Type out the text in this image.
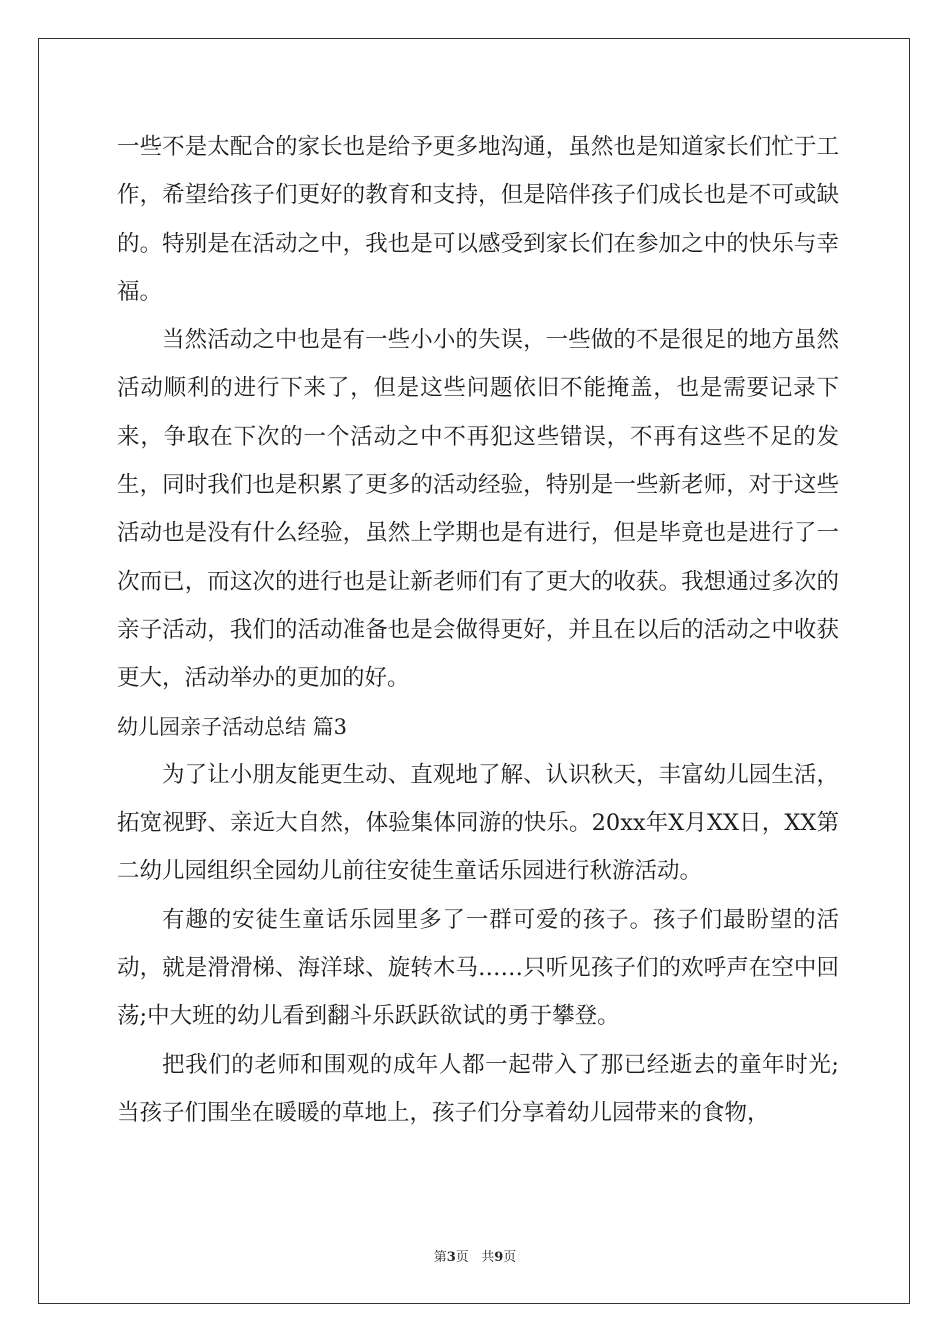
一些不是太配合的家长也是给予更多地沟通，虽然也是知道家长们忙于工作，希望给孩子们更好的教育和支持，但是陪伴孩子们成长也是不可或缺的。特别是在活动之中，我也是可以感受到家长们在参加之中的快乐与幸福。

当然活动之中也是有一些小小的失误，一些做的不是很足的地方虽然活动顺利的进行下来了，但是这些问题依旧不能掩盖，也是需要记录下来，争取在下次的一个活动之中不再犯这些错误，不再有这些不足的发生，同时我们也是积累了更多的活动经验，特别是一些新老师，对于这些活动也是没有什么经验，虽然上学期也是有进行，但是毕竟也是进行了一次而已，而这次的进行也是让新老师们有了更大的收获。我想通过多次的亲子活动，我们的活动准备也是会做得更好，并且在以后的活动之中收获更大，活动举办的更加的好。

幼儿园亲子活动总结 篇3

为了让小朋友能更生动、直观地了解、认识秋天，丰富幼儿园生活，拓宽视野、亲近大自然，体验集体同游的快乐。20xx年X月XX日，XX第二幼儿园组织全园幼儿前往安徒生童话乐园进行秋游活动。

有趣的安徒生童话乐园里多了一群可爱的孩子。孩子们最盼望的活动，就是滑滑梯、海洋球、旋转木马……只听见孩子们的欢呼声在空中回荡;中大班的幼儿看到翻斗乐跃跃欲试的勇于攀登。

把我们的老师和围观的成年人都一起带入了那已经逝去的童年时光;当孩子们围坐在暖暖的草地上，孩子们分享着幼儿园带来的食物，

第3页 共9页
